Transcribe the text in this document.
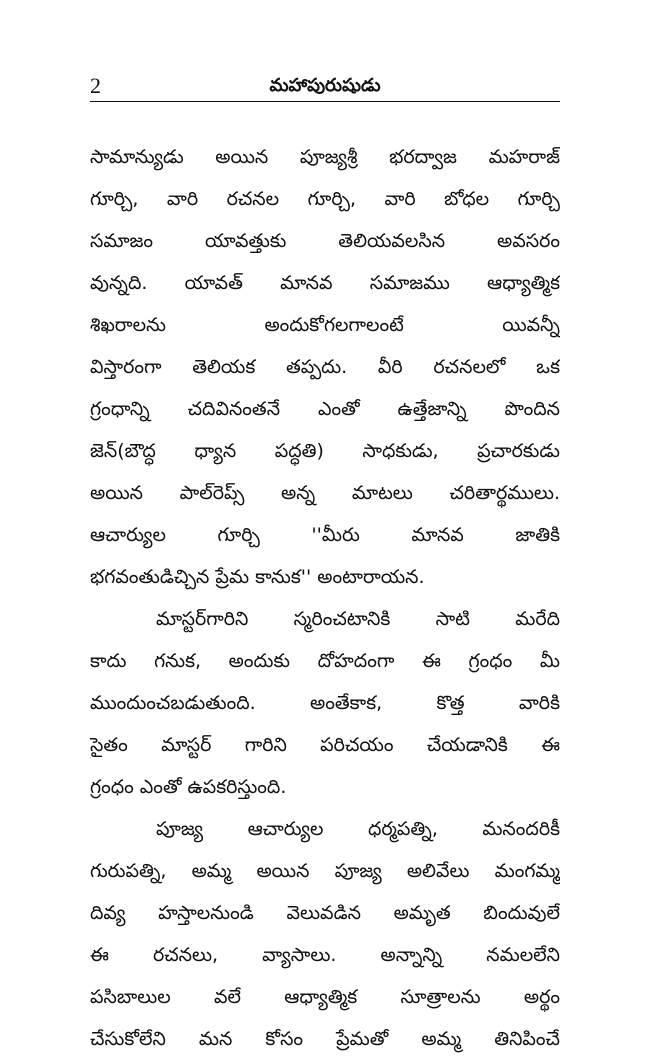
2	మహాపురుషుడు

సామాన్యుడు అయిన పూజ్యశ్రీ భరద్వాజ మహరాజ్
గూర్చి, వారి రచనల గూర్చి, వారి బోధల గూర్చి
సమాజం యావత్తుకు తెలియవలసిన అవసరం
వున్నది. యావత్ మానవ సమాజము ఆధ్యాత్మిక
శిఖరాలను అందుకోగలగాలంటే యివన్నీ
విస్తారంగా తెలియక తప్పదు. వీరి రచనలలో ఒక
గ్రంధాన్ని చదివినంతనే ఎంతో ఉత్తేజాన్ని పొందిన
జెన్(బౌద్ధ ధ్యాన పద్ధతి) సాధకుడు, ప్రచారకుడు
అయిన పాల్‌రెప్స్ అన్న మాటలు చరితార్థములు.
ఆచార్యుల గూర్చి ''మీరు మానవ జాతికి
భగవంతుడిచ్చిన ప్రేమ కానుక'' అంటారాయన.

మాస్టర్‌గారిని స్మరించటానికి సాటి మరేది
కాదు గనుక, అందుకు దోహదంగా ఈ గ్రంధం మీ
ముందుంచబడుతుంది. అంతేకాక, కొత్త వారికి
సైతం మాస్టర్ గారిని పరిచయం చేయడానికి ఈ
గ్రంధం ఎంతో ఉపకరిస్తుంది.

పూజ్య ఆచార్యుల ధర్మపత్ని, మనందరికీ
గురుపత్ని, అమ్మ అయిన పూజ్య అలివేలు మంగమ్మ
దివ్య హస్తాలనుండి వెలువడిన అమృత బిందువులే
ఈ రచనలు, వ్యాసాలు. అన్నాన్ని నమలలేని
పసిబాలుల వలే ఆధ్యాత్మిక సూత్రాలను అర్థం
చేసుకోలేని మన కోసం ప్రేమతో అమ్మ తినిపించే
